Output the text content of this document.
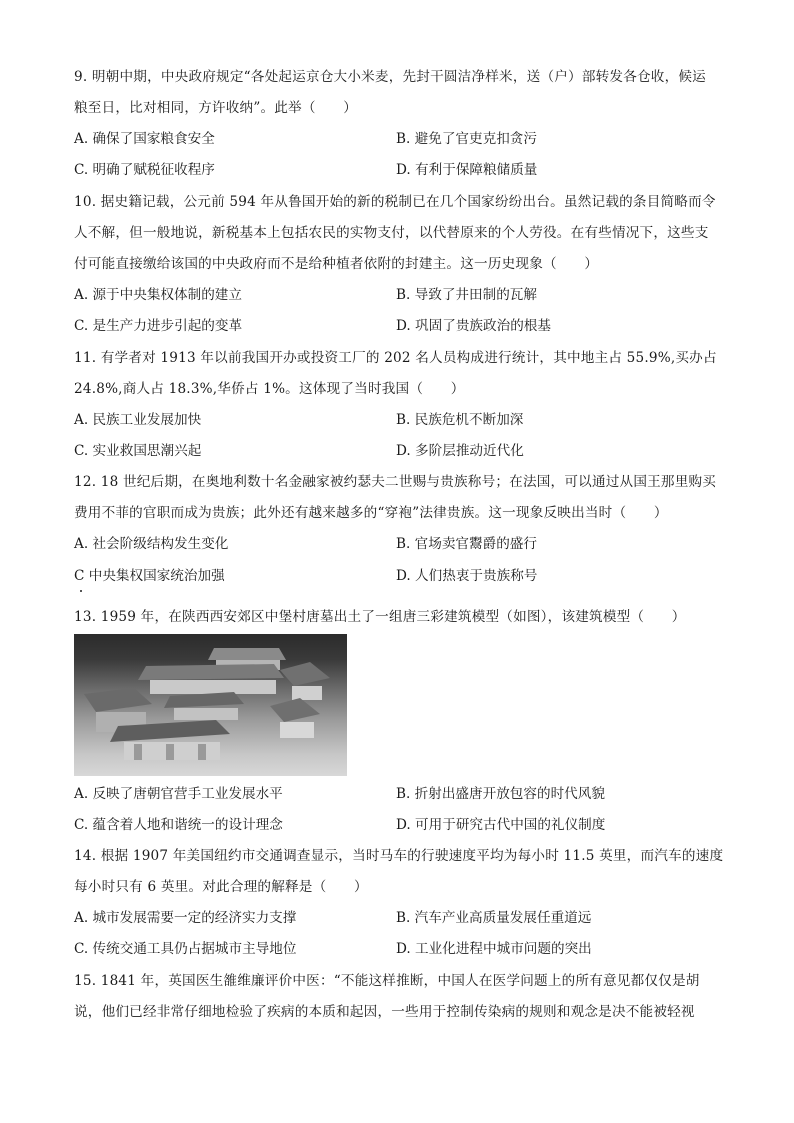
9. 明朝中期，中央政府规定“各处起运京仓大小米麦，先封干圆洁净样米，送（户）部转发各仓收，候运
粮至日，比对相同，方许收纳”。此举（　　）
A. 确保了国家粮食安全	B. 避免了官吏克扣贪污
C. 明确了赋税征收程序	D. 有利于保障粮储质量
10. 据史籍记载，公元前 594 年从鲁国开始的新的税制已在几个国家纷纷出台。虽然记载的条目简略而令
人不解，但一般地说，新税基本上包括农民的实物支付，以代替原来的个人劳役。在有些情况下，这些支
付可能直接缴给该国的中央政府而不是给种植者依附的封建主。这一历史现象（　　）
A. 源于中央集权体制的建立	B. 导致了井田制的瓦解
C. 是生产力进步引起的变革	D. 巩固了贵族政治的根基
11. 有学者对 1913 年以前我国开办或投资工厂的 202 名人员构成进行统计，其中地主占 55.9%,买办占
24.8%,商人占 18.3%,华侨占 1%。这体现了当时我国（　　）
A. 民族工业发展加快	B. 民族危机不断加深
C. 实业救国思潮兴起	D. 多阶层推动近代化
12. 18 世纪后期，在奥地利数十名金融家被约瑟夫二世赐与贵族称号；在法国，可以通过从国王那里购买
费用不菲的官职而成为贵族；此外还有越来越多的“穿袍”法律贵族。这一现象反映出当时（　　）
A. 社会阶级结构发生变化	B. 官场卖官鬻爵的盛行
C 中央集权国家统治加强	D. 人们热衷于贵族称号
13. 1959 年，在陕西西安郊区中堡村唐墓出土了一组唐三彩建筑模型（如图），该建筑模型（　　）
A. 反映了唐朝官营手工业发展水平	B. 折射出盛唐开放包容的时代风貌
C. 蕴含着人地和谐统一的设计理念	D. 可用于研究古代中国的礼仪制度
14. 根据 1907 年美国纽约市交通调查显示，当时马车的行驶速度平均为每小时 11.5 英里，而汽车的速度
每小时只有 6 英里。对此合理的解释是（　　）
A. 城市发展需要一定的经济实力支撑	B. 汽车产业高质量发展任重道远
C. 传统交通工具仍占据城市主导地位	D. 工业化进程中城市问题的突出
15. 1841 年，英国医生雒维廉评价中医：“不能这样推断，中国人在医学问题上的所有意见都仅仅是胡
说，他们已经非常仔细地检验了疾病的本质和起因，一些用于控制传染病的规则和观念是决不能被轻视
